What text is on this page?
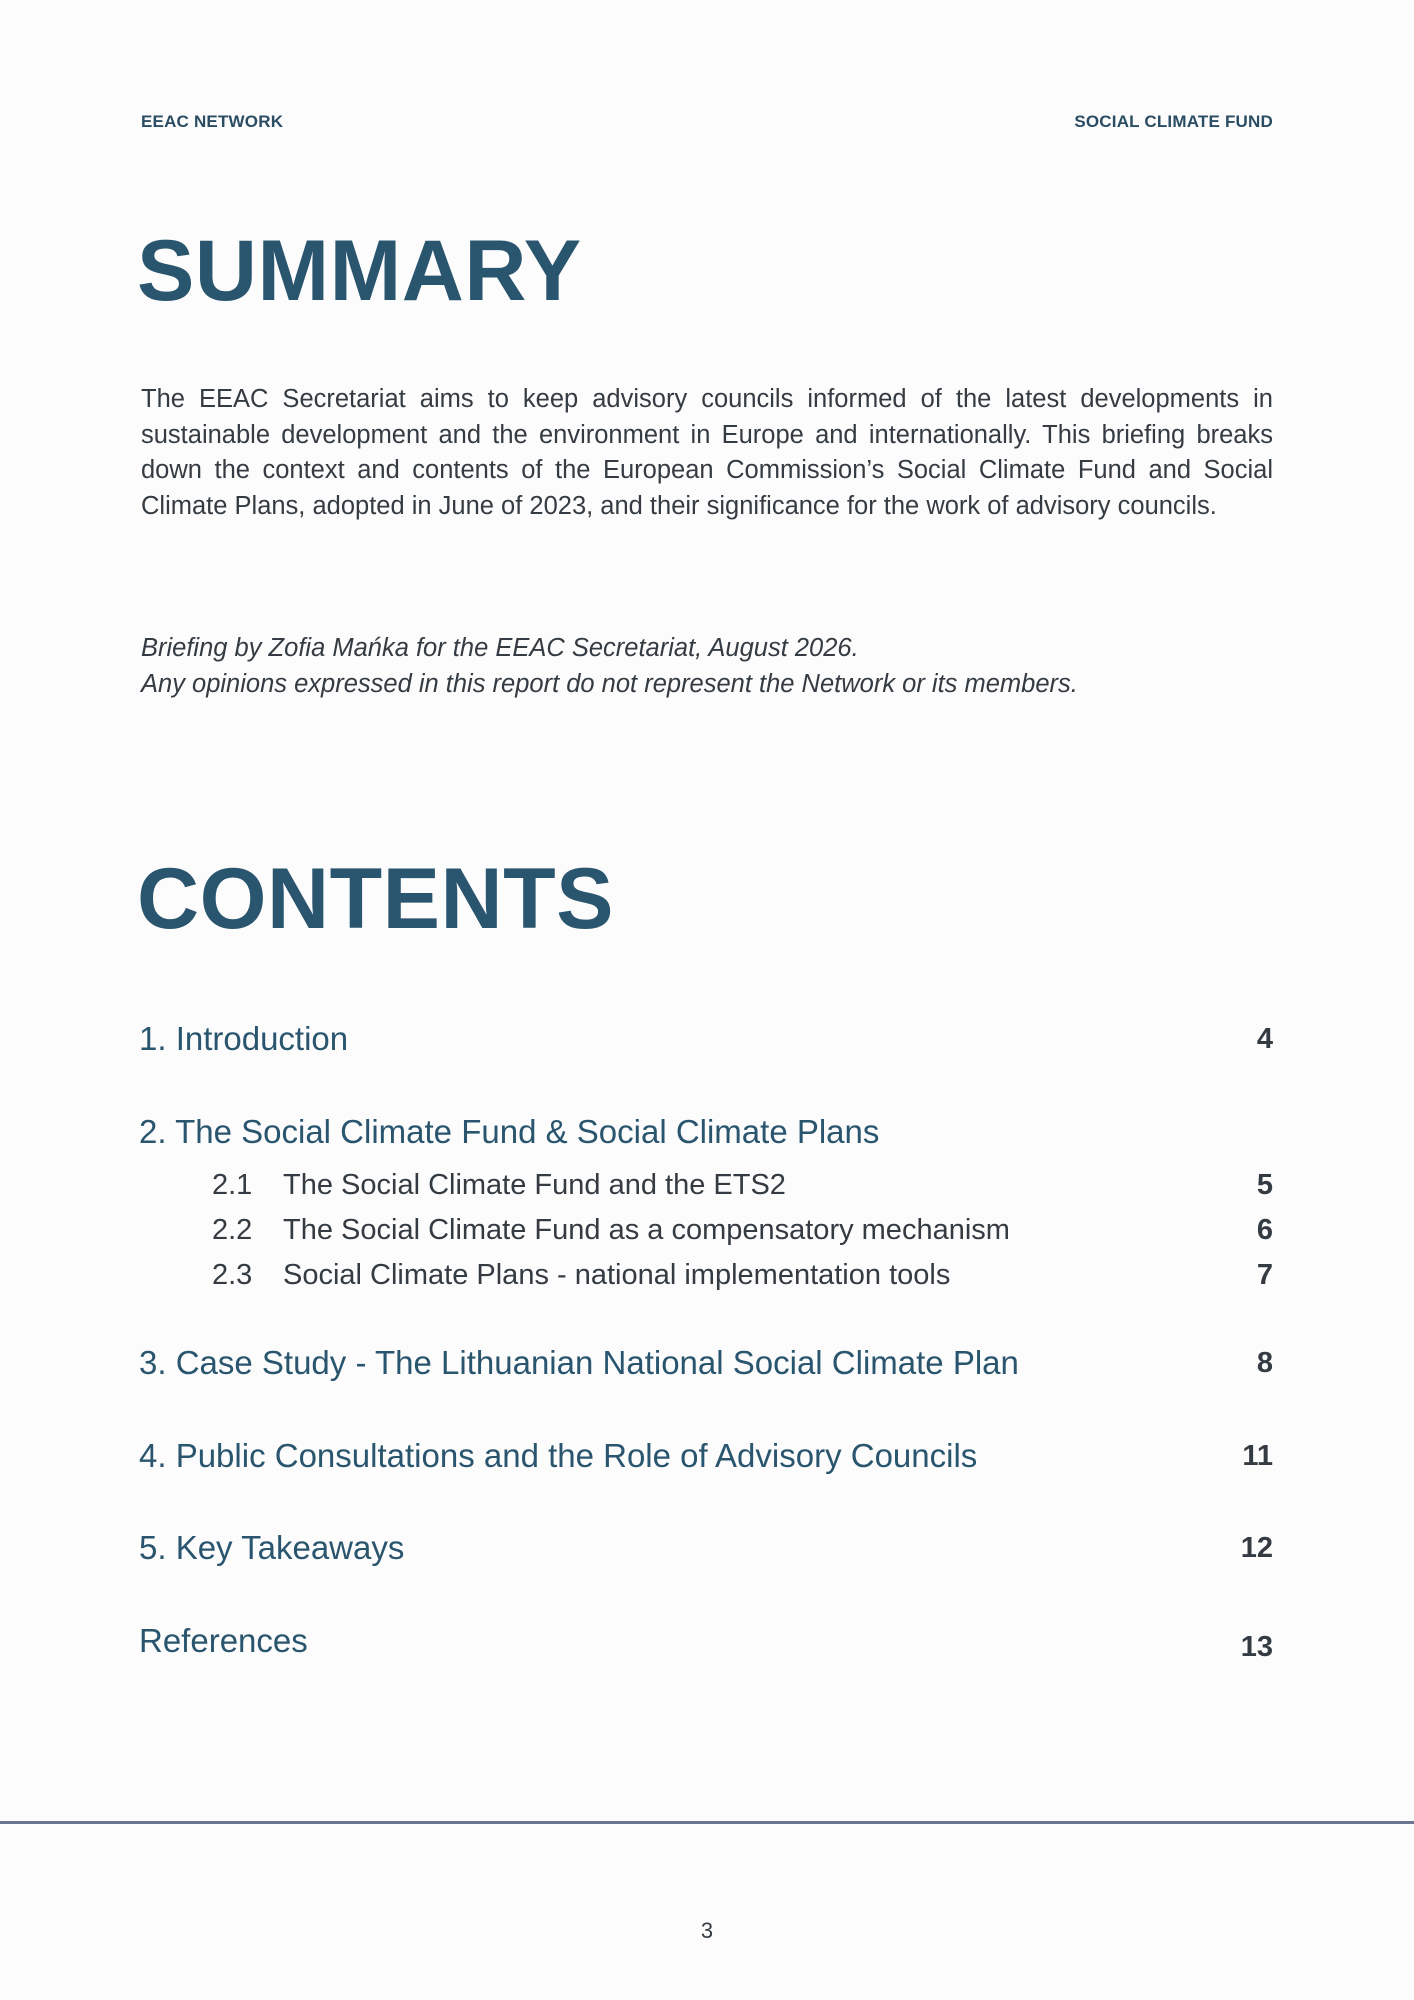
EEAC NETWORK	SOCIAL CLIMATE FUND
SUMMARY
The EEAC Secretariat aims to keep advisory councils informed of the latest developments in sustainable development and the environment in Europe and internationally. This briefing breaks down the context and contents of the European Commission’s Social Climate Fund and Social Climate Plans, adopted in June of 2023, and their significance for the work of advisory councils.
Briefing by Zofia Mańka for the EEAC Secretariat, August 2026.
Any opinions expressed in this report do not represent the Network or its members.
CONTENTS
1. Introduction	4
2. The Social Climate Fund & Social Climate Plans
2.1	The Social Climate Fund and the ETS2	5
2.2	The Social Climate Fund as a compensatory mechanism	6
2.3	Social Climate Plans - national implementation tools	7
3. Case Study - The Lithuanian National Social Climate Plan	8
4. Public Consultations and the Role of Advisory Councils	11
5. Key Takeaways	12
References	13
3
